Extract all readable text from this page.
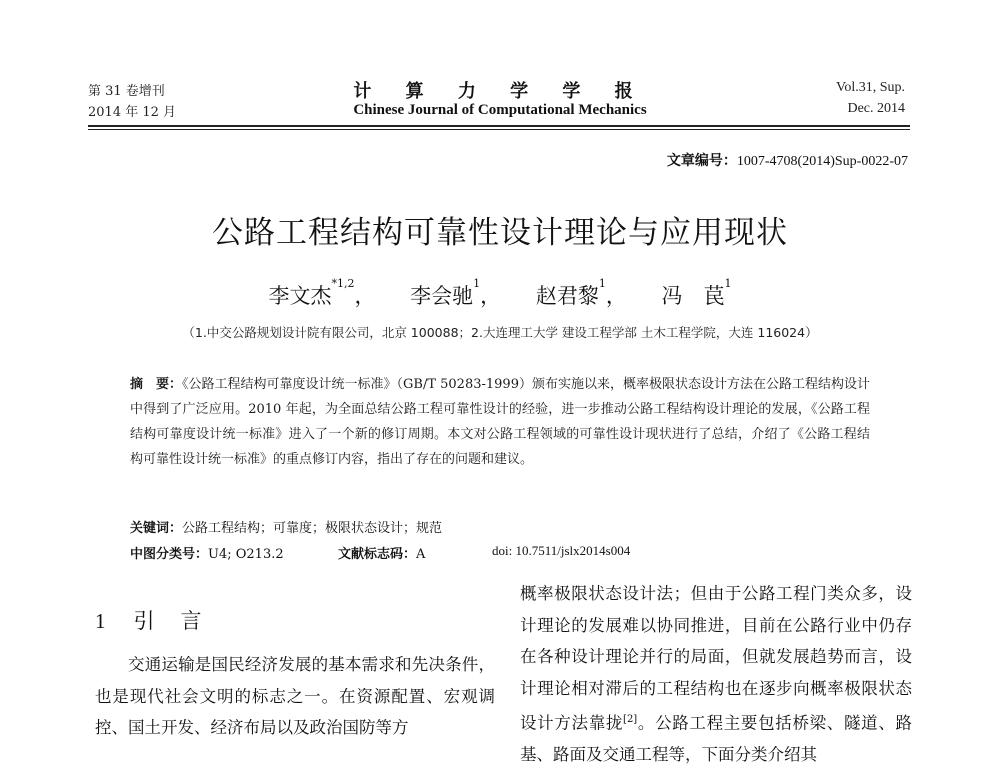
第 31 卷增刊
2014 年 12 月
计 算 力 学 学 报
Chinese Journal of Computational Mechanics
Vol.31, Sup.
Dec. 2014
文章编号：1007-4708(2014)Sup-0022-07
公路工程结构可靠性设计理论与应用现状
李文杰$^{*1,2}$， 李会驰$^1$， 赵君黎$^1$， 冯　苠$^1$
（1.中交公路规划设计院有限公司，北京 100088；2.大连理工大学 建设工程学部 土木工程学院，大连 116024）
摘　要：《公路工程结构可靠度设计统一标准》（GB/T 50283-1999）颁布实施以来，概率极限状态设计方法在公路工程结构设计中得到了广泛应用。2010 年起，为全面总结公路工程可靠性设计的经验，进一步推动公路工程结构设计理论的发展，《公路工程结构可靠度设计统一标准》进入了一个新的修订周期。本文对公路工程领域的可靠性设计现状进行了总结，介绍了《公路工程结构可靠性设计统一标准》的重点修订内容，指出了存在的问题和建议。
关键词：公路工程结构；可靠度；极限状态设计；规范
中图分类号：U4; O213.2	文献标志码：A	doi: 10.7511/jslx2014s004
1 引言
交通运输是国民经济发展的基本需求和先决条件，也是现代社会文明的标志之一。在资源配置、宏观调控、国土开发、经济布局以及政治国防等方
概率极限状态设计法；但由于公路工程门类众多，设计理论的发展难以协同推进，目前在公路行业中仍存在各种设计理论并行的局面，但就发展趋势而言，设计理论相对滞后的工程结构也在逐步向概率极限状态设计方法靠拢[2]。公路工程主要包括桥梁、隧道、路基、路面及交通工程等，下面分类介绍其
